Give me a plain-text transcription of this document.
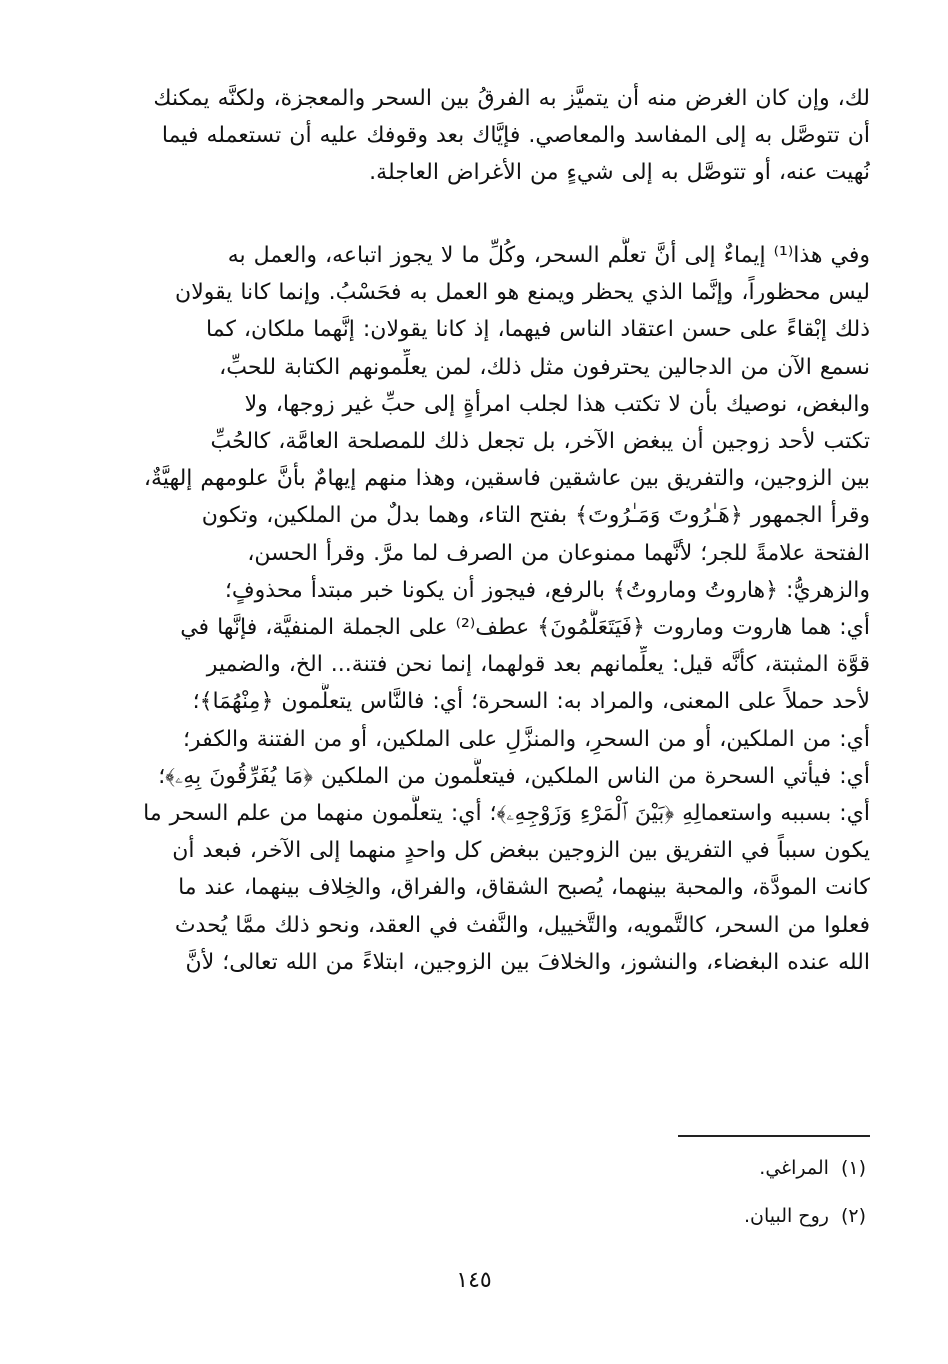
لك، وإن كان الغرض منه أن يتميَّز به الفرقُ بين السحر والمعجزة، ولكنَّه يمكنك
أن تتوصَّل به إلى المفاسد والمعاصي. فإيَّاك بعد وقوفك عليه أن تستعمله فيما
نُهيت عنه، أو تتوصَّل به إلى شيءٍ من الأغراض العاجلة.
وفي هذا⁽¹⁾ إيماءٌ إلى أنَّ تعلُّم السحر، وكُلِّ ما لا يجوز اتباعه، والعمل به
ليس محظوراً، وإنَّما الذي يحظر ويمنع هو العمل به فحَسْبُ. وإنما كانا يقولان
ذلك إبْقاءً على حسن اعتقاد الناس فيهما، إذ كانا يقولان: إنَّهما ملكان، كما
نسمع الآن من الدجالين يحترفون مثل ذلك، لمن يعلِّمونهم الكتابة للحبِّ،
والبغض، نوصيك بأن لا تكتب هذا لجلب امرأةٍ إلى حبِّ غير زوجها، ولا
تكتب لأحد زوجين أن يبغض الآخر، بل تجعل ذلك للمصلحة العامَّة، كالحُبِّ
بين الزوجين، والتفريق بين عاشقين فاسقين، وهذا منهم إيهامٌ بأنَّ علومهم إلهيَّةٌ،
وقرأ الجمهور ﴿هَـٰرُوتَ وَمَـٰرُوتَ﴾ بفتح التاء، وهما بدلٌ من الملكين، وتكون
الفتحة علامةً للجر؛ لأنَّهما ممنوعان من الصرف لما مرَّ. وقرأ الحسن،
والزهريُّ: ﴿هاروتُ وماروتُ﴾ بالرفع، فيجوز أن يكونا خبر مبتدأ محذوفٍ؛
أي: هما هاروت وماروت ﴿فَيَتَعَلَّمُونَ﴾ عطف⁽²⁾ على الجملة المنفيَّة، فإنَّها في
قوَّة المثبتة، كأنَّه قيل: يعلِّمانهم بعد قولهما، إنما نحن فتنة... الخ، والضمير
لأحد حملاً على المعنى، والمراد به: السحرة؛ أي: فالنَّاس يتعلَّمون ﴿مِنْهُمَا﴾؛
أي: من الملكين، أو من السحرِ، والمنزَّلِ على الملكين، أو من الفتنة والكفر؛
أي: فيأتي السحرة من الناس الملكين، فيتعلَّمون من الملكين ﴿مَا يُفَرِّقُونَ بِهِۦ﴾؛
أي: بسببه واستعمالِهِ ﴿بَيْنَ ٱلْمَرْءِ وَزَوْجِهِۦ﴾؛ أي: يتعلَّمون منهما من علم السحر ما
يكون سبباً في التفريق بين الزوجين ببغض كل واحدٍ منهما إلى الآخر، فبعد أن
كانت المودَّة، والمحبة بينهما، يُصبح الشقاق، والفراق، والخِلاف بينهما، عند ما
فعلوا من السحر، كالتَّمويه، والتَّخييل، والنَّفث في العقد، ونحو ذلك ممَّا يُحدث
الله عنده البغضاء، والنشوز، والخلافَ بين الزوجين، ابتلاءً من الله تعالى؛ لأنَّ
(١)المراغي.
(٢)روح البيان.
١٤٥
